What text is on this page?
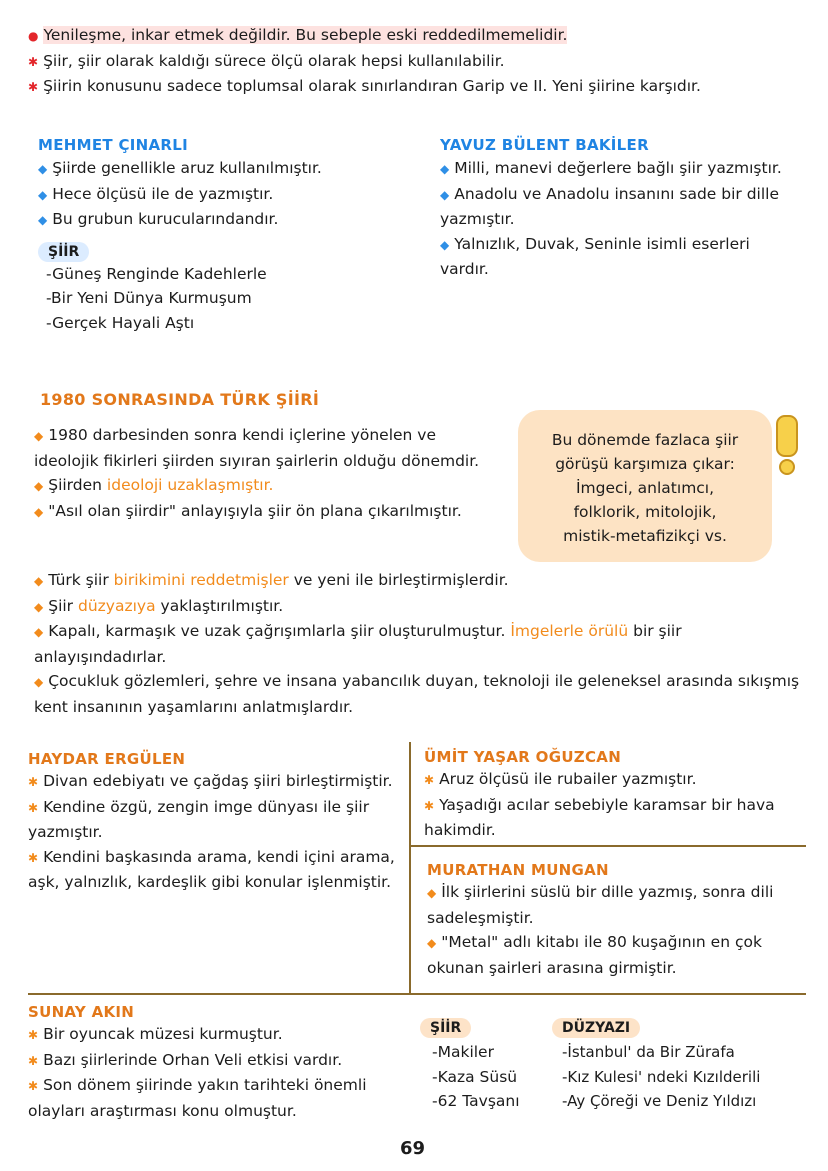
● Yenileşme, inkar etmek değildir. Bu sebeple eski reddedilmemelidir.
✱ Şiir, şiir olarak kaldığı sürece ölçü olarak hepsi kullanılabilir.
✱ Şiirin konusunu sadece toplumsal olarak sınırlandıran Garip ve II. Yeni şiirine karşıdır.
MEHMET ÇINARLI
◆ Şiirde genellikle aruz kullanılmıştır.
◆ Hece ölçüsü ile de yazmıştır.
◆ Bu grubun kurucularındandır.
ŞİİR
-Güneş Renginde Kadehlerle
-Bir Yeni Dünya Kurmuşum
-Gerçek Hayali Aştı
YAVUZ BÜLENT BAKİLER
◆ Milli, manevi değerlere bağlı şiir yazmıştır.
◆ Anadolu ve Anadolu insanını sade bir dille yazmıştır.
◆ Yalnızlık, Duvak, Seninle isimli eserleri vardır.
1980 SONRASINDA TÜRK ŞİİRİ
◆ 1980 darbesinden sonra kendi içlerine yönelen ve ideolojik fikirleri şiirden sıyıran şairlerin olduğu dönemdir.
◆ Şiirden ideoloji uzaklaşmıştır.
◆ "Asıl olan şiirdir" anlayışıyla şiir ön plana çıkarılmıştır.
Bu dönemde fazlaca şiir
görüşü karşımıza çıkar:
İmgeci, anlatımcı,
folklorik, mitolojik,
mistik-metafizikçi vs.
◆ Türk şiir birikimini reddetmişler ve yeni ile birleştirmişlerdir.
◆ Şiir düzyazıya yaklaştırılmıştır.
◆ Kapalı, karmaşık ve uzak çağrışımlarla şiir oluşturulmuştur. İmgelerle örülü bir şiir anlayışındadırlar.
◆ Çocukluk gözlemleri, şehre ve insana yabancılık duyan, teknoloji ile geleneksel arasında sıkışmış kent insanının yaşamlarını anlatmışlardır.
HAYDAR ERGÜLEN
✱ Divan edebiyatı ve çağdaş şiiri birleştirmiştir.
✱ Kendine özgü, zengin imge dünyası ile şiir yazmıştır.
✱ Kendini başkasında arama, kendi içini arama, aşk, yalnızlık, kardeşlik gibi konular işlenmiştir.
ÜMİT YAŞAR OĞUZCAN
✱ Aruz ölçüsü ile rubailer yazmıştır.
✱ Yaşadığı acılar sebebiyle karamsar bir hava hakimdir.
MURATHAN MUNGAN
◆ İlk şiirlerini süslü bir dille yazmış, sonra dili sadeleşmiştir.
◆ "Metal" adlı kitabı ile 80 kuşağının en çok okunan şairleri arasına girmiştir.
SUNAY AKIN
✱ Bir oyuncak müzesi kurmuştur.
✱ Bazı şiirlerinde Orhan Veli etkisi vardır.
✱ Son dönem şiirinde yakın tarihteki önemli olayları araştırması konu olmuştur.
ŞİİR
-Makiler
-Kaza Süsü
-62 Tavşanı
DÜZYAZI
-İstanbul' da Bir Zürafa
-Kız Kulesi' ndeki Kızılderili
-Ay Çöreği ve Deniz Yıldızı
69
